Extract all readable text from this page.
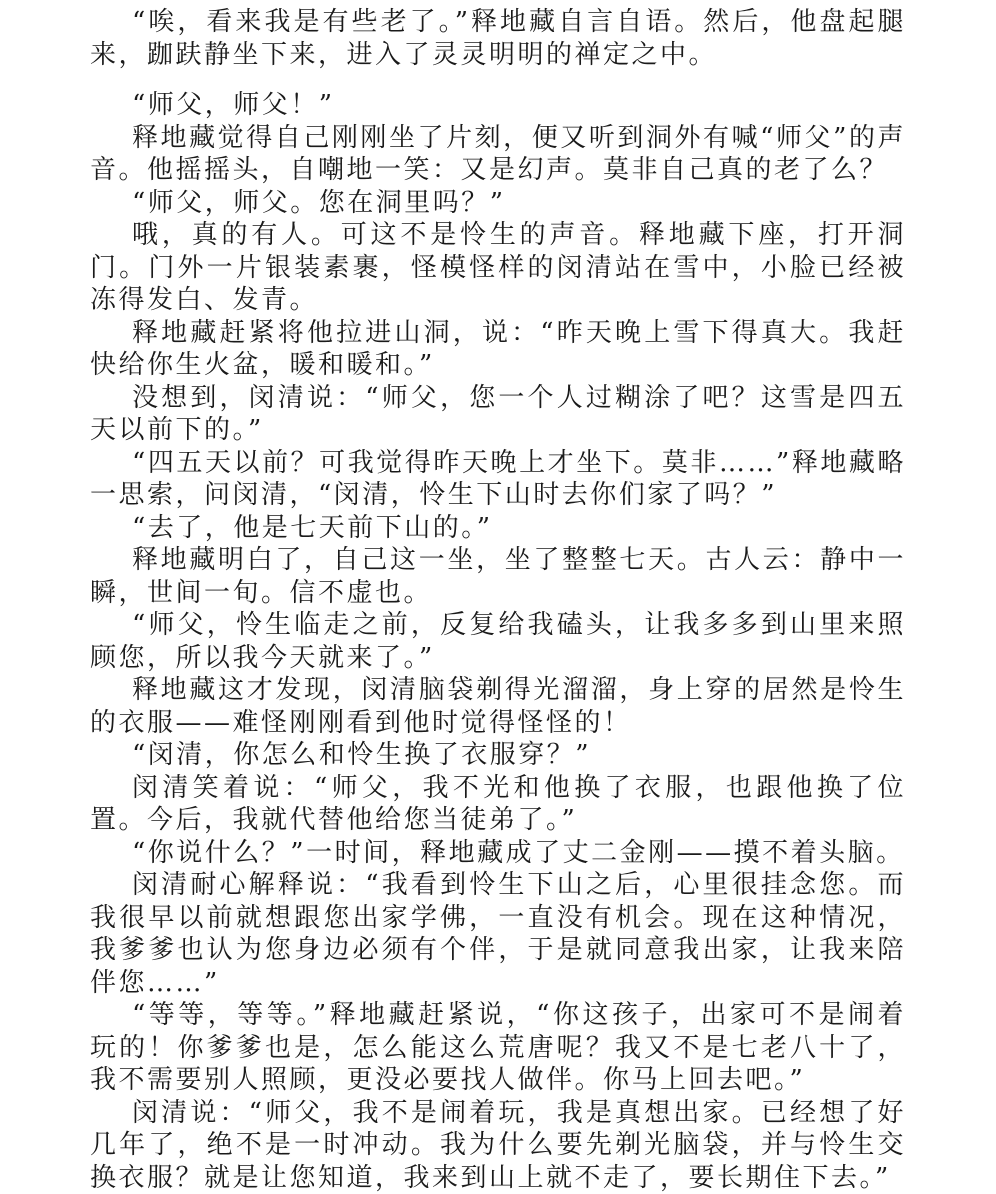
“唉，看来我是有些老了。”释地藏自言自语。然后，他盘起腿来，跏趺静坐下来，进入了灵灵明明的禅定之中。

“师父，师父！”

释地藏觉得自己刚刚坐了片刻，便又听到洞外有喊“师父”的声音。他摇摇头，自嘲地一笑：又是幻声。莫非自己真的老了么？

“师父，师父。您在洞里吗？”

哦，真的有人。可这不是怜生的声音。释地藏下座，打开洞门。门外一片银装素裹，怪模怪样的闵清站在雪中，小脸已经被冻得发白、发青。

释地藏赶紧将他拉进山洞，说：“昨天晚上雪下得真大。我赶快给你生火盆，暖和暖和。”

没想到，闵清说：“师父，您一个人过糊涂了吧？这雪是四五天以前下的。”

“四五天以前？可我觉得昨天晚上才坐下。莫非……”释地藏略一思索，问闵清，“闵清，怜生下山时去你们家了吗？”

“去了，他是七天前下山的。”

释地藏明白了，自己这一坐，坐了整整七天。古人云：静中一瞬，世间一旬。信不虚也。

“师父，怜生临走之前，反复给我磕头，让我多多到山里来照顾您，所以我今天就来了。”

释地藏这才发现，闵清脑袋剃得光溜溜，身上穿的居然是怜生的衣服——难怪刚刚看到他时觉得怪怪的！

“闵清，你怎么和怜生换了衣服穿？”

闵清笑着说：“师父，我不光和他换了衣服，也跟他换了位置。今后，我就代替他给您当徒弟了。”

“你说什么？”一时间，释地藏成了丈二金刚——摸不着头脑。

闵清耐心解释说：“我看到怜生下山之后，心里很挂念您。而我很早以前就想跟您出家学佛，一直没有机会。现在这种情况，我爹爹也认为您身边必须有个伴，于是就同意我出家，让我来陪伴您……”

“等等，等等。”释地藏赶紧说，“你这孩子，出家可不是闹着玩的！你爹爹也是，怎么能这么荒唐呢？我又不是七老八十了，我不需要别人照顾，更没必要找人做伴。你马上回去吧。”

闵清说：“师父，我不是闹着玩，我是真想出家。已经想了好几年了，绝不是一时冲动。我为什么要先剃光脑袋，并与怜生交换衣服？就是让您知道，我来到山上就不走了，要长期住下去。”
